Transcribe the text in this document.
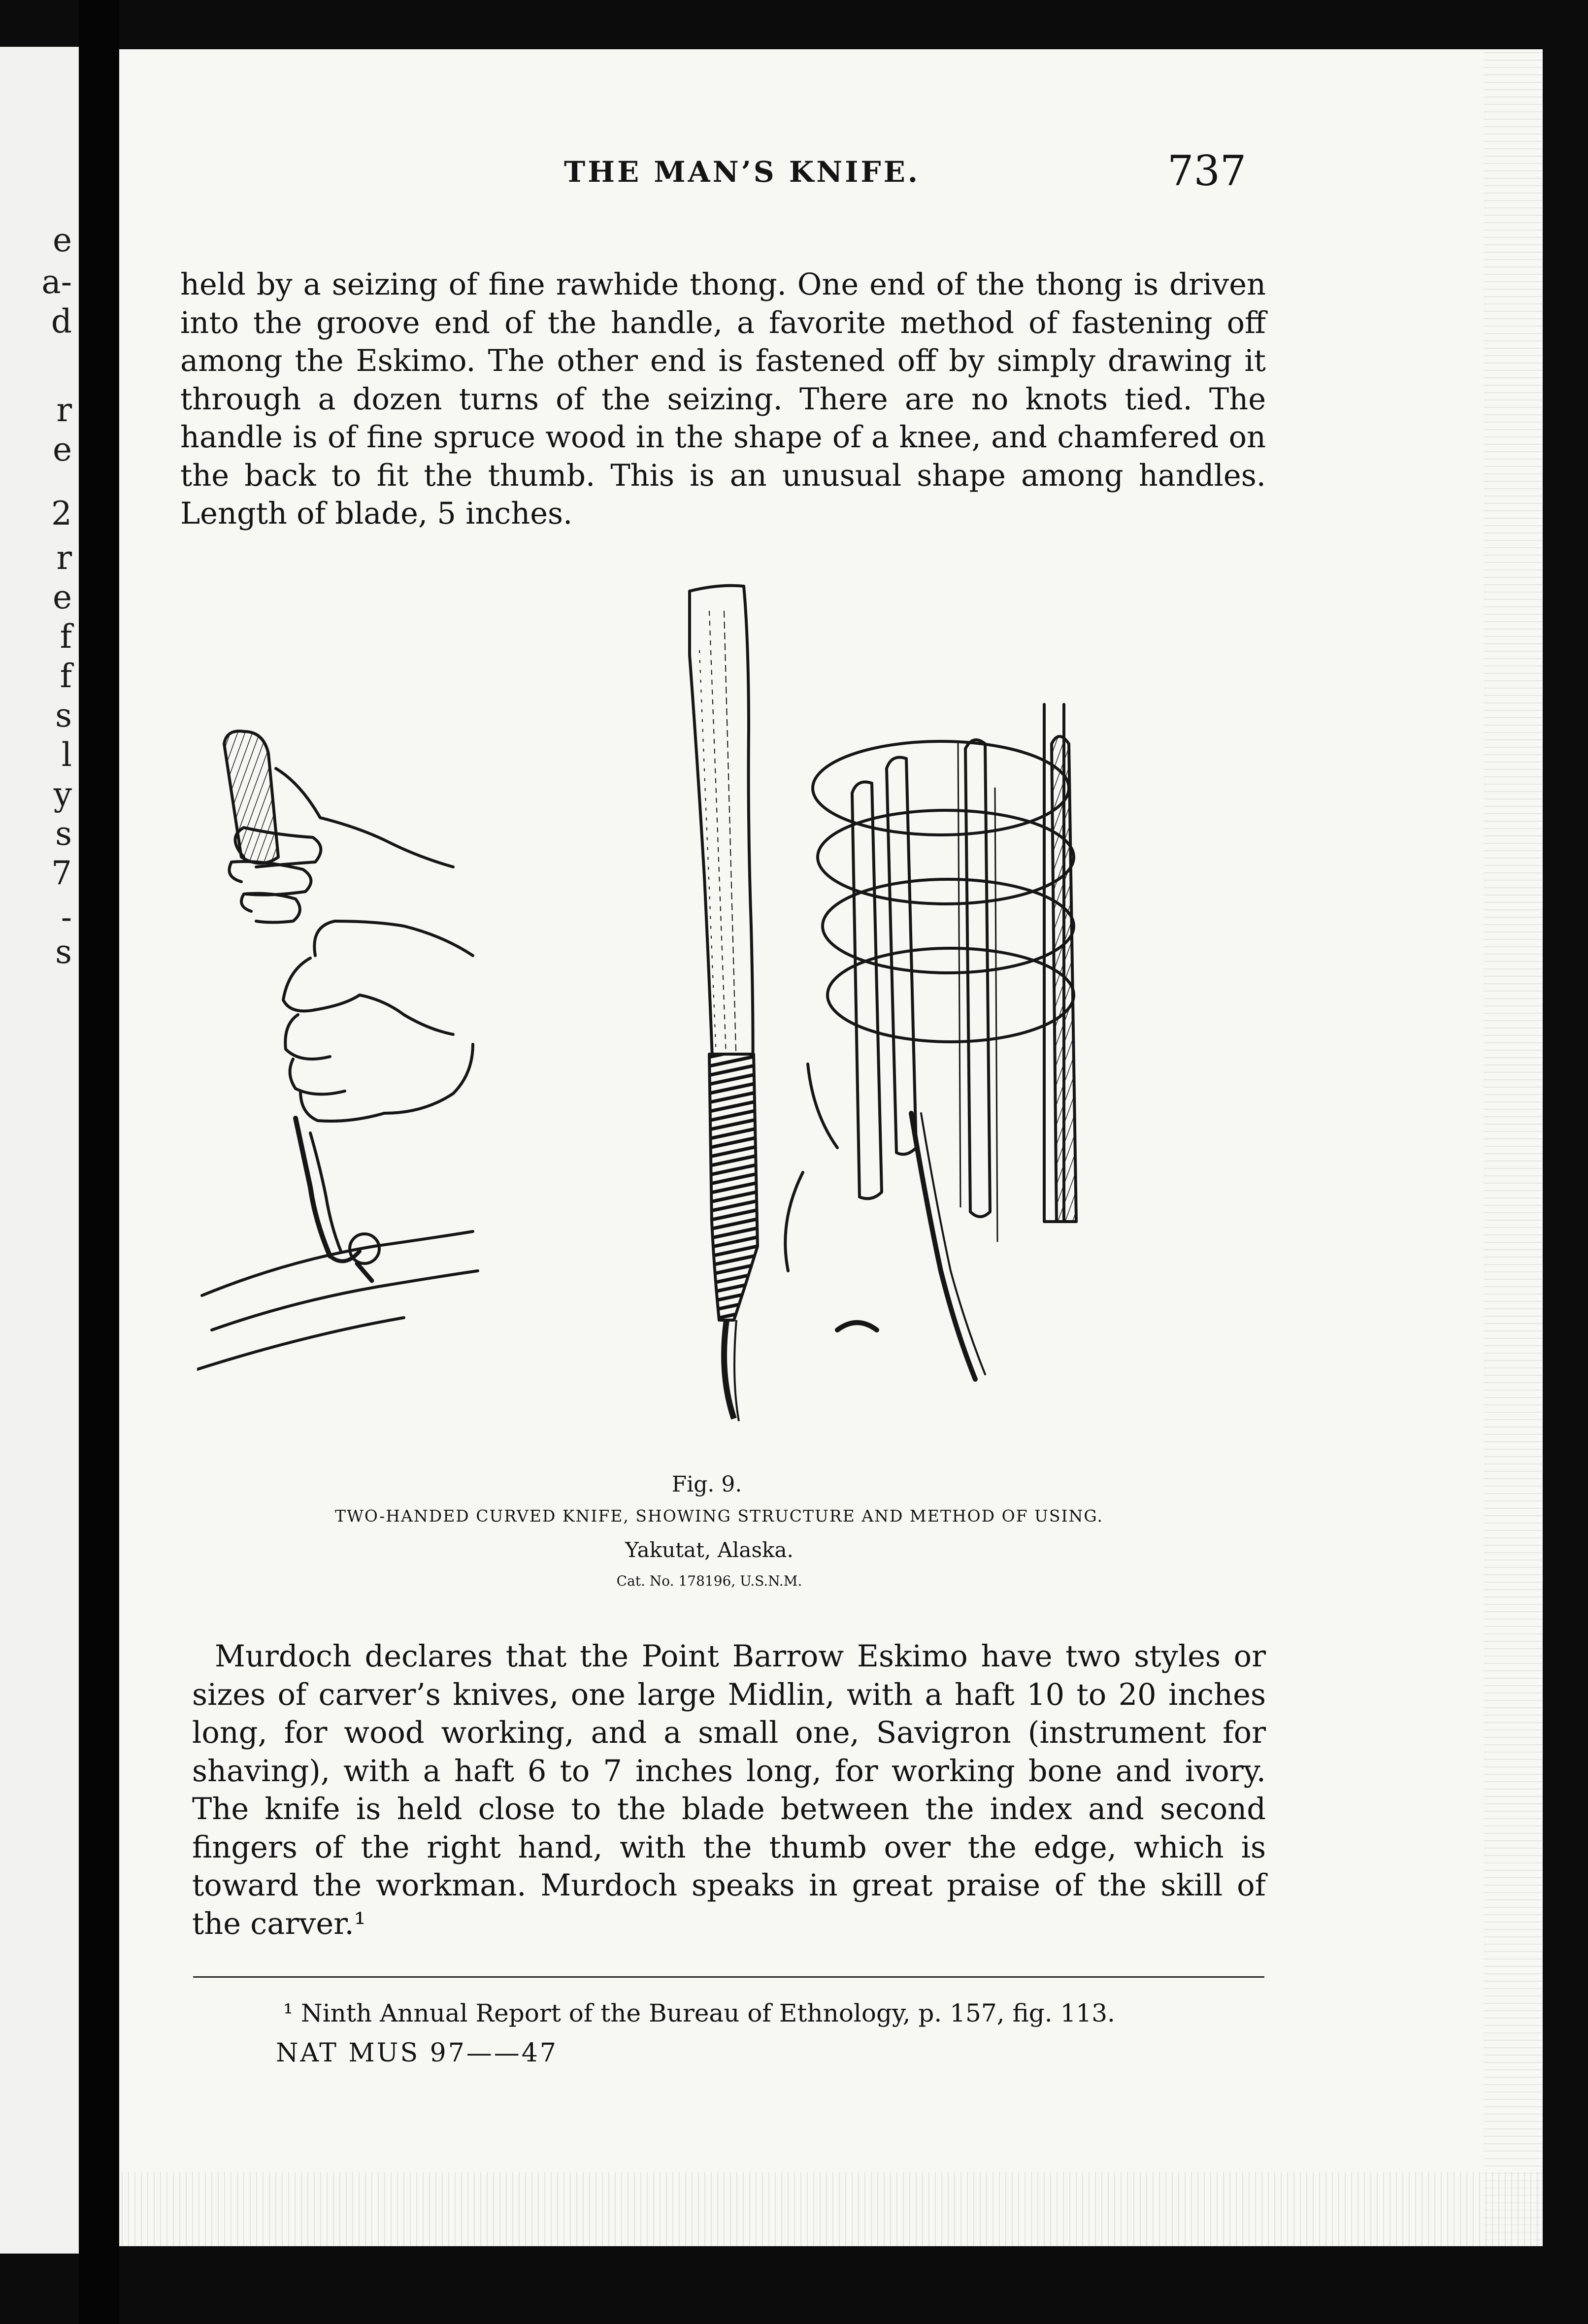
e
a-
d
r
e
2
r
e
f
f
s
l
y
s
7
-
s
THE MAN’S KNIFE.	737

held by a seizing of fine rawhide thong. One end of the thong is driven into the groove end of the handle, a favorite method of fastening off among the Eskimo. The other end is fastened off by simply drawing it through a dozen turns of the seizing. There are no knots tied. The handle is of fine spruce wood in the shape of a knee, and chamfered on the back to fit the thumb. This is an unusual shape among handles. Length of blade, 5 inches.

Fig. 9.
TWO-HANDED CURVED KNIFE, SHOWING STRUCTURE AND METHOD OF USING.
Yakutat, Alaska.
Cat. No. 178196, U.S.N.M.

Murdoch declares that the Point Barrow Eskimo have two styles or sizes of carver’s knives, one large Midlin, with a haft 10 to 20 inches long, for wood working, and a small one, Savigron (instrument for shaving), with a haft 6 to 7 inches long, for working bone and ivory. The knife is held close to the blade between the index and second fingers of the right hand, with the thumb over the edge, which is toward the workman. Murdoch speaks in great praise of the skill of the carver.¹

¹ Ninth Annual Report of the Bureau of Ethnology, p. 157, fig. 113.
NAT MUS 97——47
